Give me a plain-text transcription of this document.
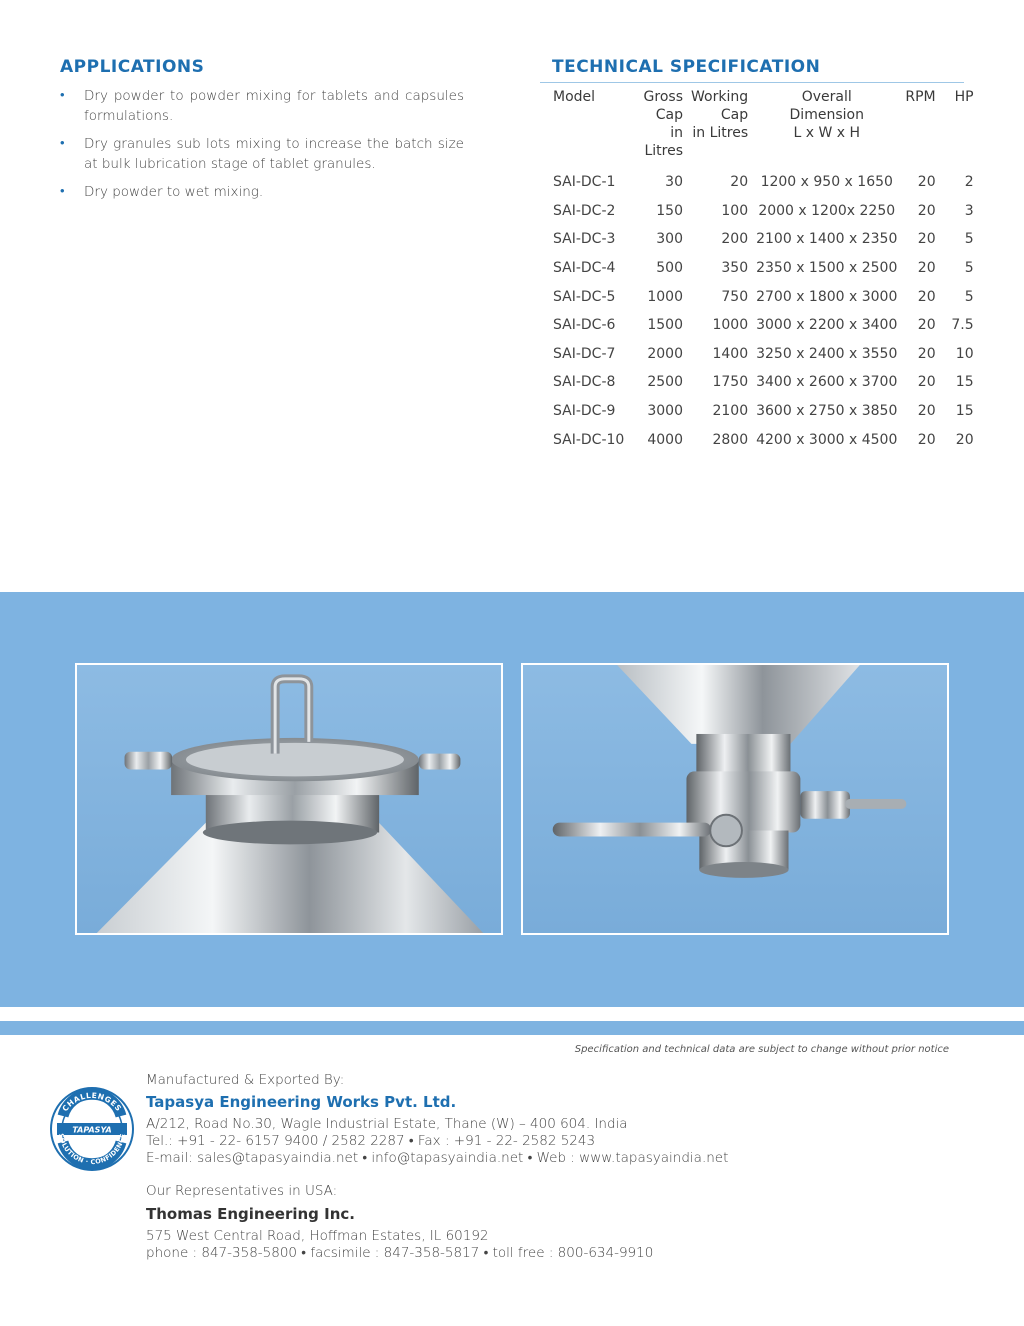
APPLICATIONS
• Dry powder to powder mixing for tablets and capsules formulations.
• Dry granules sub lots mixing to increase the batch size at bulk lubrication stage of tablet granules.
• Dry powder to wet mixing.
TECHNICAL SPECIFICATION
Model	Gross
Cap
in Litres	Working
Cap
in Litres	Overall
Dimension
L x W x H	RPM	HP
SAI-DC-1	30	20	1200 x 950 x 1650	20	2
SAI-DC-2	150	100	2000 x 1200x 2250	20	3
SAI-DC-3	300	200	2100 x 1400 x 2350	20	5
SAI-DC-4	500	350	2350 x 1500 x 2500	20	5
SAI-DC-5	1000	750	2700 x 1800 x 3000	20	5
SAI-DC-6	1500	1000	3000 x 2200 x 3400	20	7.5
SAI-DC-7	2000	1400	3250 x 2400 x 3550	20	10
SAI-DC-8	2500	1750	3400 x 2600 x 3700	20	15
SAI-DC-9	3000	2100	3600 x 2750 x 3850	20	15
SAI-DC-10	4000	2800	4200 x 3000 x 4500	20	20
Specification and technical data are subject to change without prior notice
CHALLENGES
TAPASYA
SOLUTION · CONFIDENCE
Manufactured & Exported By:
Tapasya Engineering Works Pvt. Ltd.
A/212, Road No.30, Wagle Industrial Estate, Thane (W) – 400 604. India
Tel.: +91 - 22- 6157 9400 / 2582 2287 • Fax : +91 - 22- 2582 5243
E-mail: sales@tapasyaindia.net • info@tapasyaindia.net • Web : www.tapasyaindia.net
Our Representatives in USA:
Thomas Engineering Inc.
575 West Central Road, Hoffman Estates, IL 60192
phone : 847-358-5800 • facsimile : 847-358-5817 • toll free : 800-634-9910
